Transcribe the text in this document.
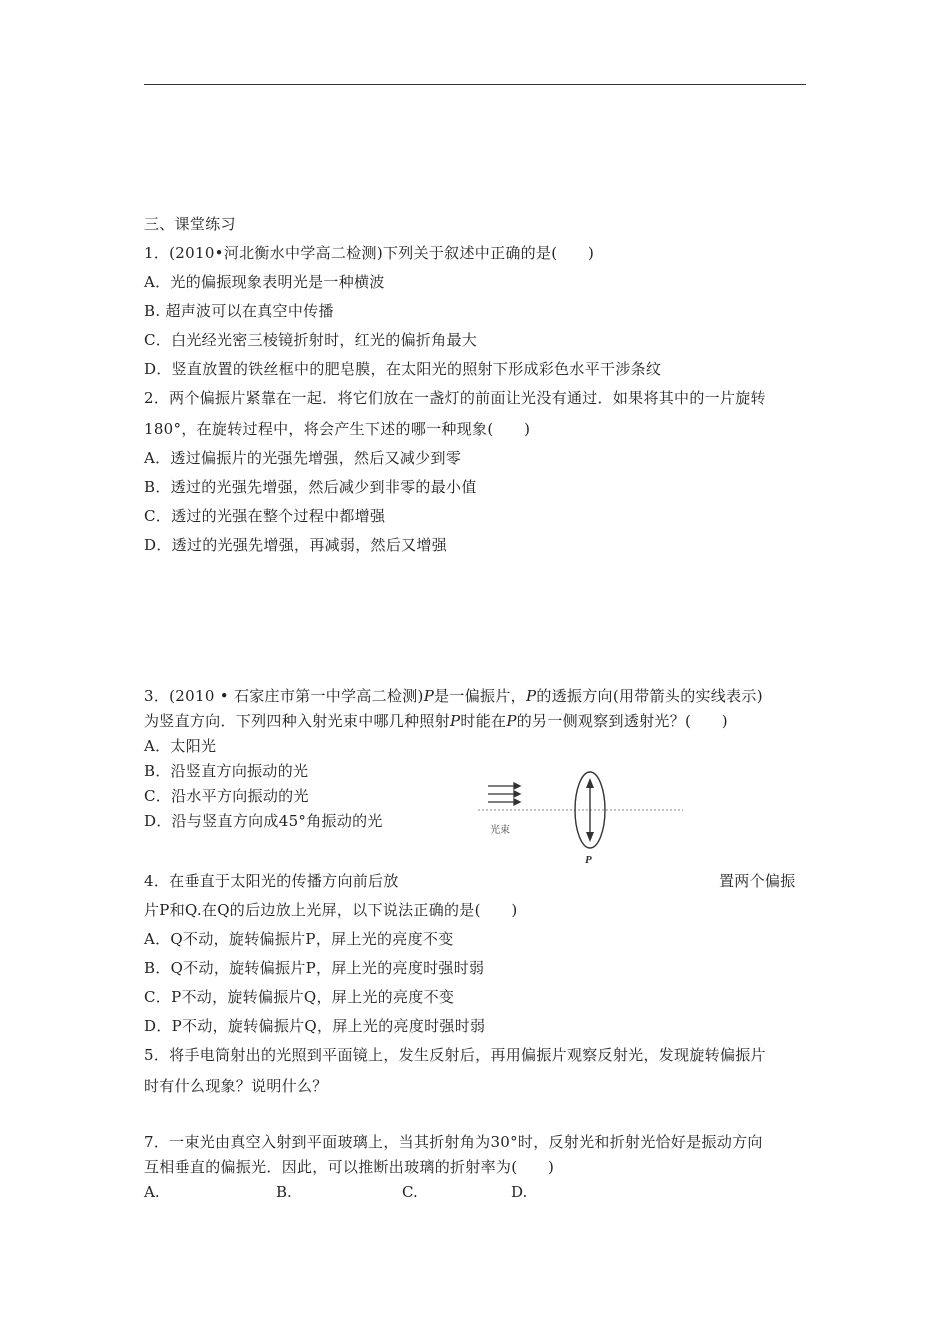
三、课堂练习
1．(2010•河北衡水中学高二检测)下列关于叙述中正确的是(　　)
A．光的偏振现象表明光是一种横波
B. 超声波可以在真空中传播
C．白光经光密三棱镜折射时，红光的偏折角最大
D．竖直放置的铁丝框中的肥皂膜，在太阳光的照射下形成彩色水平干涉条纹
2．两个偏振片紧靠在一起．将它们放在一盏灯的前面让光没有通过．如果将其中的一片旋转
180°，在旋转过程中，将会产生下述的哪一种现象(　　)
A．透过偏振片的光强先增强，然后又减少到零
B．透过的光强先增强，然后减少到非零的最小值
C．透过的光强在整个过程中都增强
D．透过的光强先增强，再减弱，然后又增强
3．(2010 • 石家庄市第一中学高二检测)P是一偏振片，P的透振方向(用带箭头的实线表示)
为竖直方向．下列四种入射光束中哪几种照射P时能在P的另一侧观察到透射光？(　　)
A．太阳光
B．沿竖直方向振动的光
C．沿水平方向振动的光
D．沿与竖直方向成45°角振动的光
光束
P
4．在垂直于太阳光的传播方向前后放	置两个偏振
片P和Q.在Q的后边放上光屏，以下说法正确的是(　　)
A．Q不动，旋转偏振片P，屏上光的亮度不变
B．Q不动，旋转偏振片P，屏上光的亮度时强时弱
C．P不动，旋转偏振片Q，屏上光的亮度不变
D．P不动，旋转偏振片Q，屏上光的亮度时强时弱
5．将手电筒射出的光照到平面镜上，发生反射后，再用偏振片观察反射光，发现旋转偏振片
时有什么现象？说明什么？
7．一束光由真空入射到平面玻璃上，当其折射角为30°时，反射光和折射光恰好是振动方向
互相垂直的偏振光．因此，可以推断出玻璃的折射率为(　　)
A.	B.	C.	D.
